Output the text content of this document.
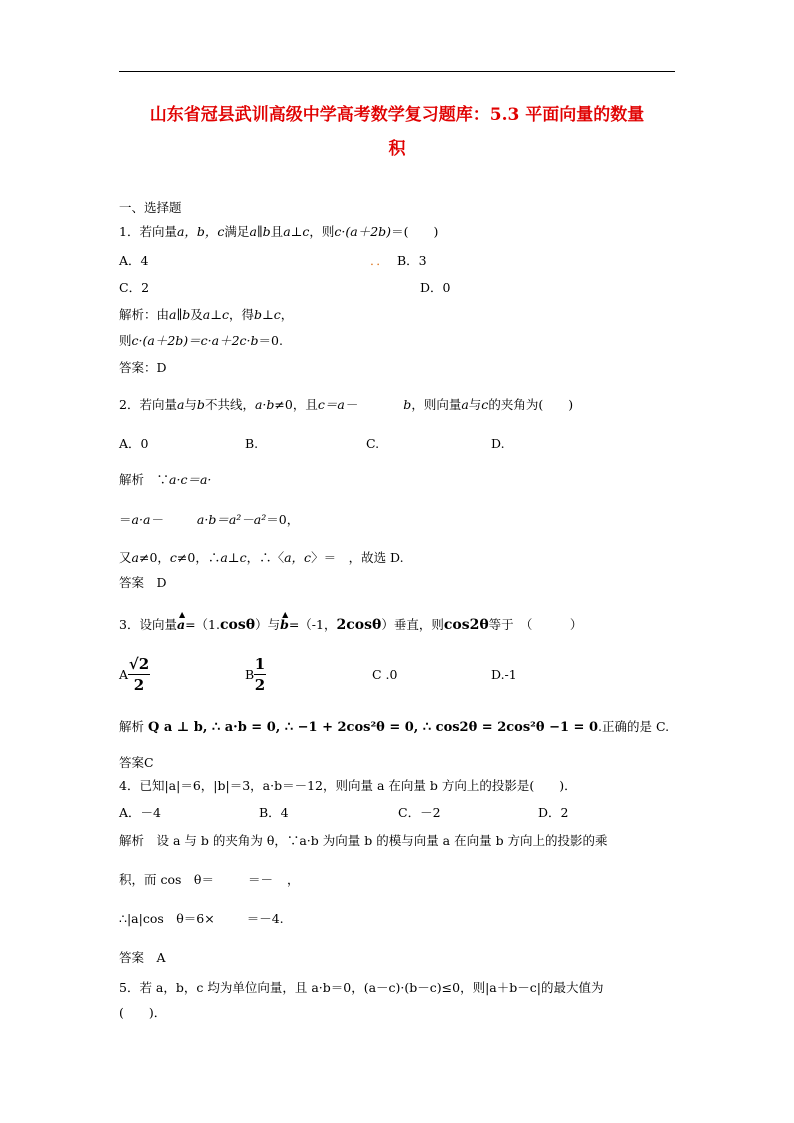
山东省冠县武训高级中学高考数学复习题库：5.3 平面向量的数量
积
一、选择题
1．若向量a，b，c满足a∥b且a⊥c，则c·(a＋2b)＝(　　)
A．4	．． B．3
C．2	D．0
解析：由a∥b及a⊥c，得b⊥c，
则c·(a＋2b)＝c·a＋2c·b＝0.
答案：D
2．若向量a与b不共线，a·b≠0，且c＝a－	b，则向量a与c的夹角为(　　)
A．0	B.	C.	D.
解析　∵a·c＝a·
＝a·a－	a·b＝a²－a²＝0，
又a≠0，c≠0，∴a⊥c，∴〈a，c〉＝　，故选 D.
答案　D
3．设向量
▲
a=（1.cosθ）与
▲
b=（-1，2cosθ）垂直，则cos2θ等于　（　　　）
A
√2
2
B
1
2
C .0	D.-1
解析 Q a ⊥ b, ∴ a·b = 0, ∴ −1 + 2cos²θ = 0, ∴ cos2θ = 2cos²θ −1 = 0.正确的是 C.
答案C
4．已知|a|＝6，|b|＝3，a·b＝－12，则向量 a 在向量 b 方向上的投影是(　　)．
A．－4	B．4	C．－2	D．2
解析　设 a 与 b 的夹角为 θ，∵a·b 为向量 b 的模与向量 a 在向量 b 方向上的投影的乘
积，而 cos　θ＝	＝－ ，
∴|a|cos　θ＝6×	＝－4.
答案　A
5．若 a，b，c 均为单位向量，且 a·b＝0，(a－c)·(b－c)≤0，则|a＋b－c|的最大值为
(　　)．
